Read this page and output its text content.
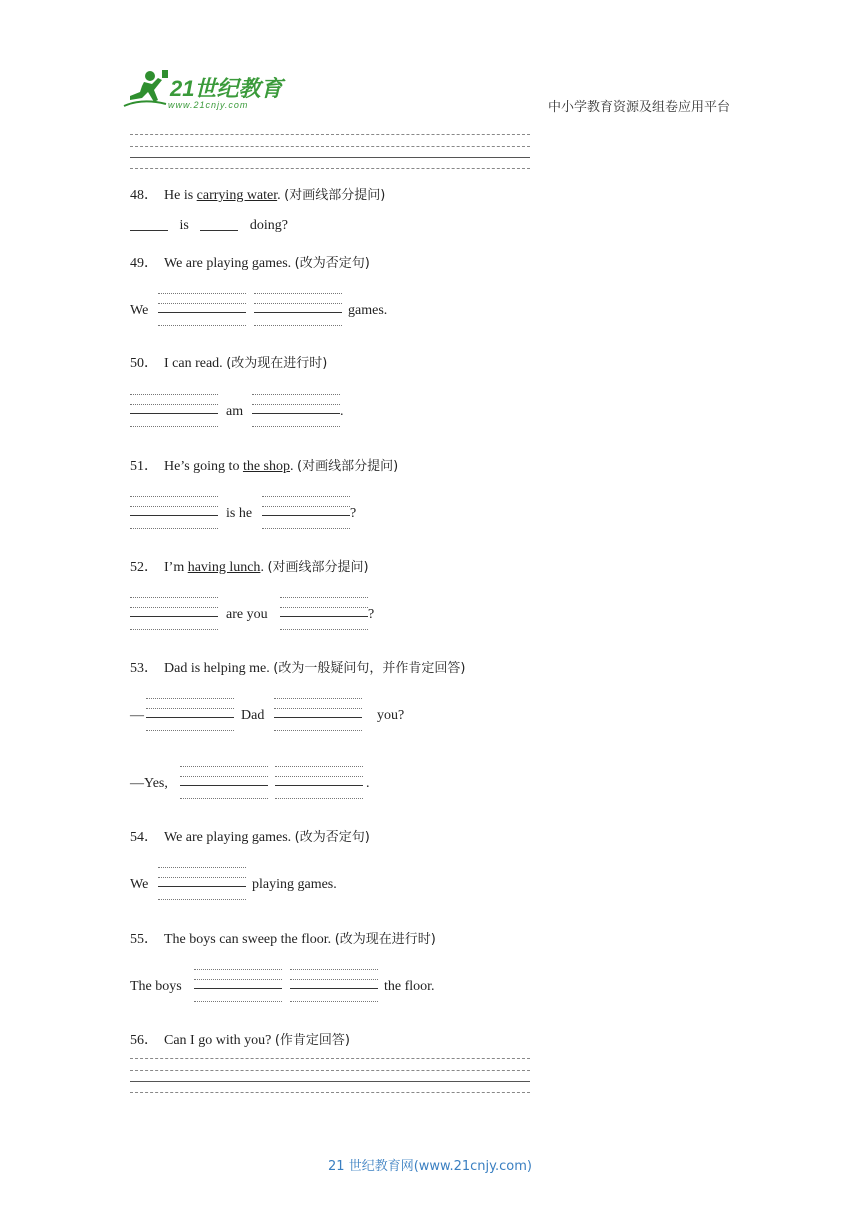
21世纪教育
www.21cnjy.com	中小学教育资源及组卷应用平台
48． He is carrying water. (对画线部分提问)
is	doing?
49． We are playing games. (改为否定句)
We	games.
50． I can read. (改为现在进行时)
am	.
51． He’s going to the shop. (对画线部分提问)
is he	?
52． I’m having lunch. (对画线部分提问)
are you	?
53． Dad is helping me. (改为一般疑问句，并作肯定回答)
—	Dad	you?
—Yes,	.
54． We are playing games. (改为否定句)
We	playing games.
55． The boys can sweep the floor. (改为现在进行时)
The boys	the floor.
56． Can I go with you? (作肯定回答)
21 世纪教育网(www.21cnjy.com)
